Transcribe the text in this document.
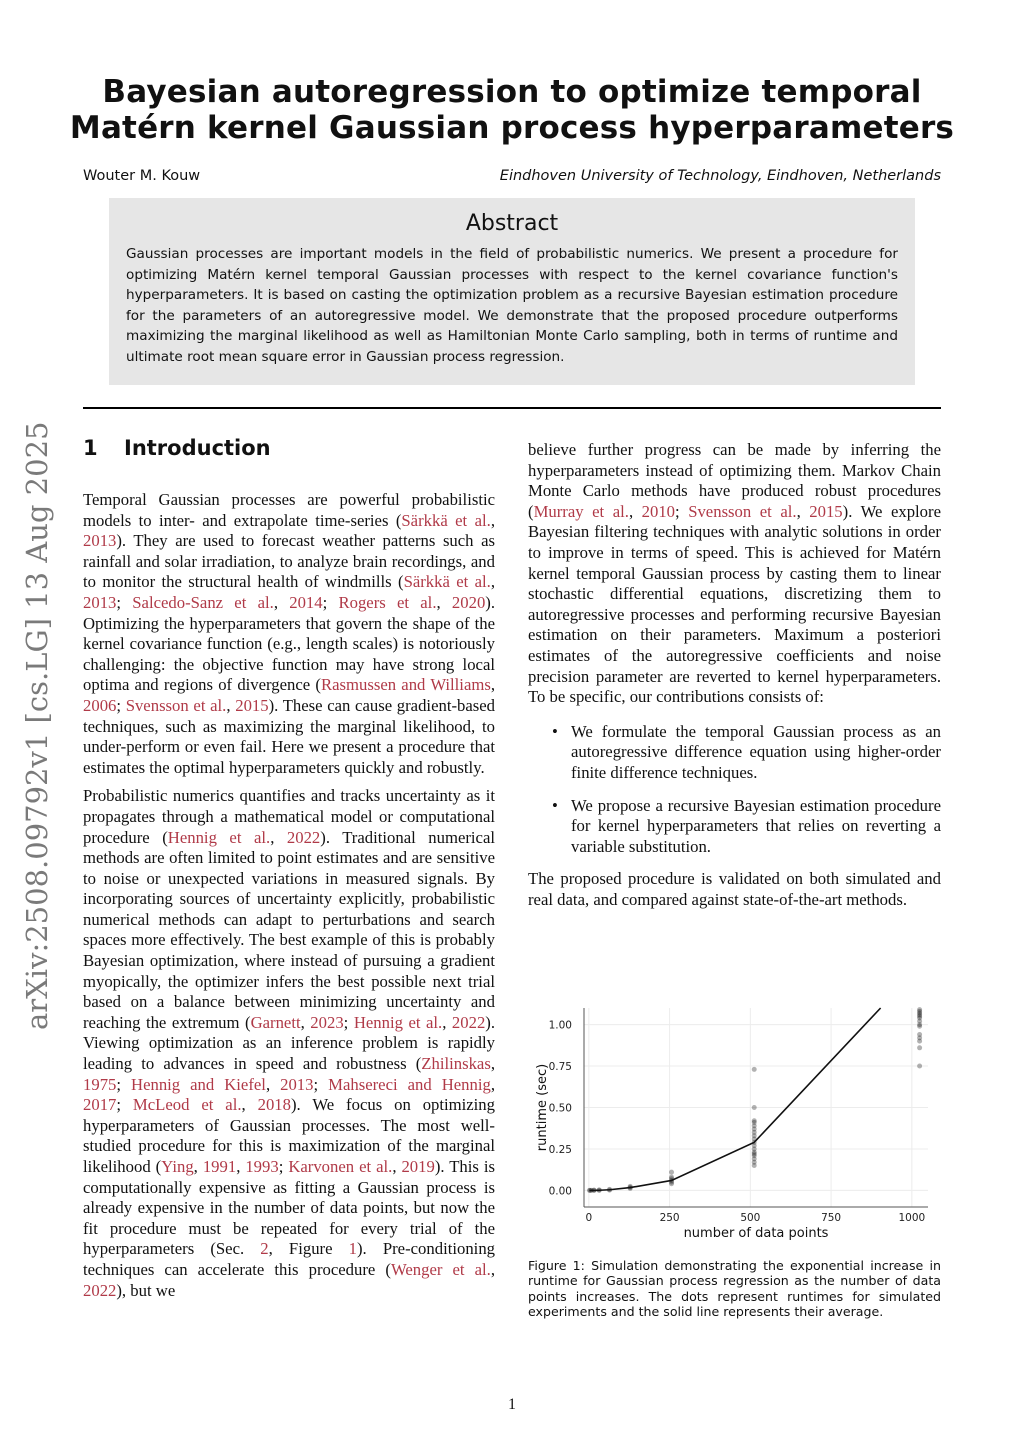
Bayesian autoregression to optimize temporal
Matérn kernel Gaussian process hyperparameters
Wouter M. Kouw	Eindhoven University of Technology, Eindhoven, Netherlands
Abstract

Gaussian processes are important models in the field of probabilistic numerics. We present a procedure for optimizing Matérn kernel temporal Gaussian processes with respect to the kernel covariance function's hyperparameters. It is based on casting the optimization problem as a recursive Bayesian estimation procedure for the parameters of an autoregressive model. We demonstrate that the proposed procedure outperforms maximizing the marginal likelihood as well as Hamiltonian Monte Carlo sampling, both in terms of runtime and ultimate root mean square error in Gaussian process regression.

arXiv:2508.09792v1 [cs.LG] 13 Aug 2025 1 Introduction

Temporal Gaussian processes are powerful probabilistic models to inter- and extrapolate time-series (Särkkä et al., 2013). They are used to forecast weather patterns such as rainfall and solar irradiation, to analyze brain recordings, and to monitor the structural health of windmills (Särkkä et al., 2013; Salcedo-Sanz et al., 2014; Rogers et al., 2020). Optimizing the hyperparameters that govern the shape of the kernel covariance function (e.g., length scales) is notoriously challenging: the objective function may have strong local optima and regions of divergence (Rasmussen and Williams, 2006; Svensson et al., 2015). These can cause gradient-based techniques, such as maximizing the marginal likelihood, to under-perform or even fail. Here we present a procedure that estimates the optimal hyperparameters quickly and robustly.

Probabilistic numerics quantifies and tracks uncertainty as it propagates through a mathematical model or computational procedure (Hennig et al., 2022). Traditional numerical methods are often limited to point estimates and are sensitive to noise or unexpected variations in measured signals. By incorporating sources of uncertainty explicitly, probabilistic numerical methods can adapt to perturbations and search spaces more effectively. The best example of this is probably Bayesian optimization, where instead of pursuing a gradient myopically, the optimizer infers the best possible next trial based on a balance between minimizing uncertainty and reaching the extremum (Garnett, 2023; Hennig et al., 2022). Viewing optimization as an inference problem is rapidly leading to advances in speed and robustness (Zhilinskas, 1975; Hennig and Kiefel, 2013; Mahsereci and Hennig, 2017; McLeod et al., 2018). We focus on optimizing hyperparameters of Gaussian processes. The most well-studied procedure for this is maximization of the marginal likelihood (Ying, 1991, 1993; Karvonen et al., 2019). This is computationally expensive as fitting a Gaussian process is already expensive in the number of data points, but now the fit procedure must be repeated for every trial of the hyperparameters (Sec. 2, Figure 1). Pre-conditioning techniques can accelerate this procedure (Wenger et al., 2022), but we

believe further progress can be made by inferring the hyperparameters instead of optimizing them. Markov Chain Monte Carlo methods have produced robust procedures (Murray et al., 2010; Svensson et al., 2015). We explore Bayesian filtering techniques with analytic solutions in order to improve in terms of speed. This is achieved for Matérn kernel temporal Gaussian process by casting them to linear stochastic differential equations, discretizing them to autoregressive processes and performing recursive Bayesian estimation on their parameters. Maximum a posteriori estimates of the autoregressive coefficients and noise precision parameter are reverted to kernel hyperparameters. To be specific, our contributions consists of:

• We formulate the temporal Gaussian process as an autoregressive difference equation using higher-order finite difference techniques.
• We propose a recursive Bayesian estimation procedure for kernel hyperparameters that relies on reverting a variable substitution.

The proposed procedure is validated on both simulated and real data, and compared against state-of-the-art methods.

0.00
0.25
0.50
0.75
1.00
0	250	500	750	1000
number of data points
runtime (sec)
Figure 1: Simulation demonstrating the exponential increase in runtime for Gaussian process regression as the number of data points increases. The dots represent runtimes for simulated experiments and the solid line represents their average.
1
